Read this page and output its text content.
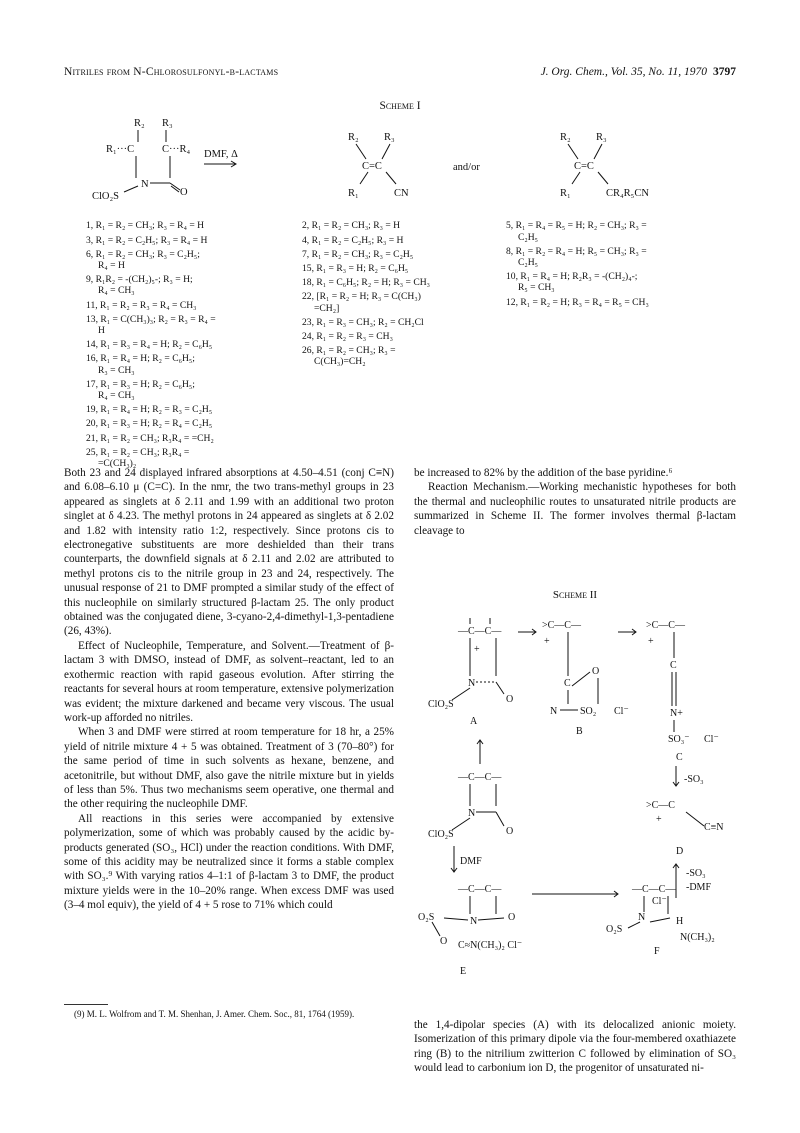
Nitriles from N-Chlorosulfonyl-β-lactams	J. Org. Chem., Vol. 35, No. 11, 1970 3797
Scheme I
R₂ R₃
R₁···C	C···R₄
N
ClO₂S	O
DMF, Δ
R₂ R₃
C=C
R₁	CN
and/or
R₂ R₃
C=C
R₁	CR₄R₅CN

1, R₁ = R₂ = CH₃; R₃ = R₄ = H
3, R₁ = R₂ = C₂H₅; R₃ = R₄ = H
6, R₁ = R₂ = CH₃; R₃ = C₂H₅;
R₄ = H
9, R₁R₂ = -(CH₂)₅-; R₃ = H;
R₄ = CH₃
11, R₁ = R₂ = R₃ = R₄ = CH₃
13, R₁ = C(CH₃)₃; R₂ = R₃ = R₄ =
H
14, R₁ = R₃ = R₄ = H; R₂ = C₆H₅
16, R₁ = R₄ = H; R₂ = C₆H₅;
R₃ = CH₃
17, R₁ = R₃ = H; R₂ = C₆H₅;
R₄ = CH₃
19, R₁ = R₄ = H; R₂ = R₃ = C₂H₅
20, R₁ = R₃ = H; R₂ = R₄ = C₂H₅
21, R₁ = R₂ = CH₃; R₃R₄ = =CH₂
25, R₁ = R₂ = CH₃; R₃R₄ =
=C(CH₃)₂

2, R₁ = R₂ = CH₃; R₃ = H
4, R₁ = R₂ = C₂H₅; R₃ = H
7, R₁ = R₂ = CH₃; R₃ = C₂H₅
15, R₁ = R₃ = H; R₂ = C₆H₅
18, R₁ = C₆H₅; R₂ = H; R₃ = CH₃
22, [R₁ = R₂ = H; R₃ = C(CH₃)
=CH₂]
23, R₁ = R₃ = CH₃; R₂ = CH₂Cl
24, R₁ = R₂ = R₃ = CH₃
26, R₁ = R₂ = CH₃; R₃ =
C(CH₃)=CH₂

5, R₁ = R₄ = R₅ = H; R₂ = CH₃; R₃ =
C₂H₅
8, R₁ = R₂ = R₄ = H; R₅ = CH₃; R₃ =
C₂H₅
10, R₁ = R₄ = H; R₂R₃ = -(CH₂)₄-;
R₅ = CH₃
12, R₁ = R₂ = H; R₃ = R₄ = R₅ = CH₃

Both 23 and 24 displayed infrared absorptions at 4.50–4.51 (conj C≡N) and 6.08–6.10 μ (C=C). In the nmr, the two trans-methyl groups in 23 appeared as singlets at δ 2.11 and 1.99 with an additional two proton singlet at δ 4.23. The methyl protons in 24 appeared as singlets at δ 2.02 and 1.82 with intensity ratio 1:2, respectively. Since protons cis to electronegative substituents are more deshielded than their trans counterparts, the downfield signals at δ 2.11 and 2.02 are attributed to methyl protons cis to the nitrile group in 23 and 24, respectively. The unusual response of 21 to DMF prompted a similar study of the effect of this nucleophile on similarly structured β-lactam 25. The only product obtained was the conjugated diene, 3-cyano-2,4-dimethyl-1,3-pentadiene (26, 43%).

Effect of Nucleophile, Temperature, and Solvent.—Treatment of β-lactam 3 with DMSO, instead of DMF, as solvent–reactant, led to an exothermic reaction with rapid gaseous evolution. After stirring the reactants for several hours at room temperature, extensive polymerization was evident; the mixture darkened and became very viscous. The usual work-up afforded no nitriles.

When 3 and DMF were stirred at room temperature for 18 hr, a 25% yield of nitrile mixture 4 + 5 was obtained. Treatment of 3 (70–80°) for the same period of time in such solvents as hexane, benzene, and acetonitrile, but without DMF, also gave the nitrile mixture but in yields of less than 5%. Thus two mechanisms seem operative, one thermal and the other requiring the nucleophile DMF.

All reactions in this series were accompanied by extensive polymerization, some of which was probably caused by the acidic by-products generated (SO₃, HCl) under the reaction conditions. With DMF, some of this acidity may be neutralized since it forms a stable complex with SO₃.⁹ With varying ratios 4–1:1 of β-lactam 3 to DMF, the product mixture yields were in the 10–20% range. When excess DMF was used (3–4 mol equiv), the yield of 4 + 5 rose to 71% which could

(9) M. L. Wolfrom and T. M. Shenhan, J. Amer. Chem. Soc., 81, 1764 (1959).

be increased to 82% by the addition of the base pyridine.⁶

Reaction Mechanism.—Working mechanistic hypotheses for both the thermal and nucleophilic routes to unsaturated nitrile products are summarized in Scheme II. The former involves thermal β-lactam cleavage to

Scheme II
—C—C—
+
N
ClO₂S	O
A
>C—C—
+
C
O
N SO₂ Cl⁻
B
>C—C—
+
C
N+
SO₃⁻ Cl⁻
C
-SO₃
>C—C
+
C≡N
D
-SO₃
-DMF
—C—C—
N
ClO₂S	O
DMF
—C—C—
O₂S	N	O
O C≈N(CH₃)₂ Cl⁻
—C—C—
Cl⁻
N	H
O₂S
N(CH₃)₂
F
E

the 1,4-dipolar species (A) with its delocalized anionic moiety. Isomerization of this primary dipole via the four-membered oxathiazete ring (B) to the nitrilium zwitterion C followed by elimination of SO₃ would lead to carbonium ion D, the progenitor of unsaturated ni-
